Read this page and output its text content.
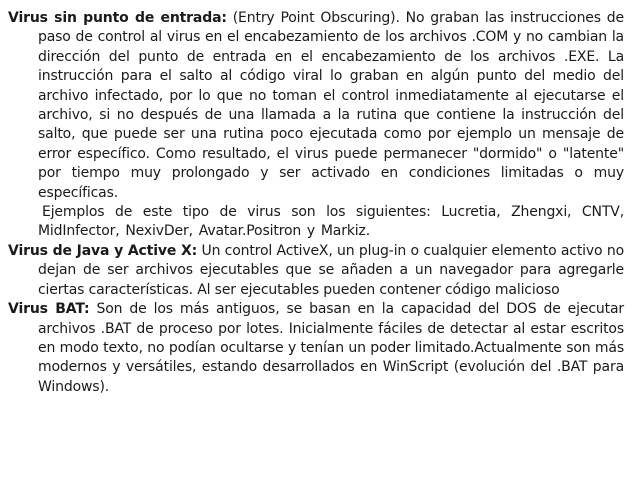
Virus sin punto de entrada: (Entry Point Obscuring). No graban las instrucciones de paso de control al virus en el encabezamiento de los archivos .COM y no cambian la dirección del punto de entrada en el encabezamiento de los archivos .EXE. La instrucción para el salto al código viral lo graban en algún punto del medio del archivo infectado, por lo que no toman el control inmediatamente al ejecutarse el archivo, si no después de una llamada a la rutina que contiene la instrucción del salto, que puede ser una rutina poco ejecutada como por ejemplo un mensaje de error específico. Como resultado, el virus puede permanecer "dormido" o "latente" por tiempo muy prolongado y ser activado en condiciones limitadas o muy específicas.

Ejemplos de este tipo de virus son los siguientes: Lucretia, Zhengxi, CNTV, MidInfector, NexivDer, Avatar.Positron y Markiz.

Virus de Java y Active X: Un control ActiveX, un plug-in o cualquier elemento activo no dejan de ser archivos ejecutables que se añaden a un navegador para agregarle ciertas características. Al ser ejecutables pueden contener código malicioso

Virus BAT: Son de los más antiguos, se basan en la capacidad del DOS de ejecutar archivos .BAT de proceso por lotes. Inicialmente fáciles de detectar al estar escritos en modo texto, no podían ocultarse y tenían un poder limitado.Actualmente son más modernos y versátiles, estando desarrollados en WinScript (evolución del .BAT para Windows).
